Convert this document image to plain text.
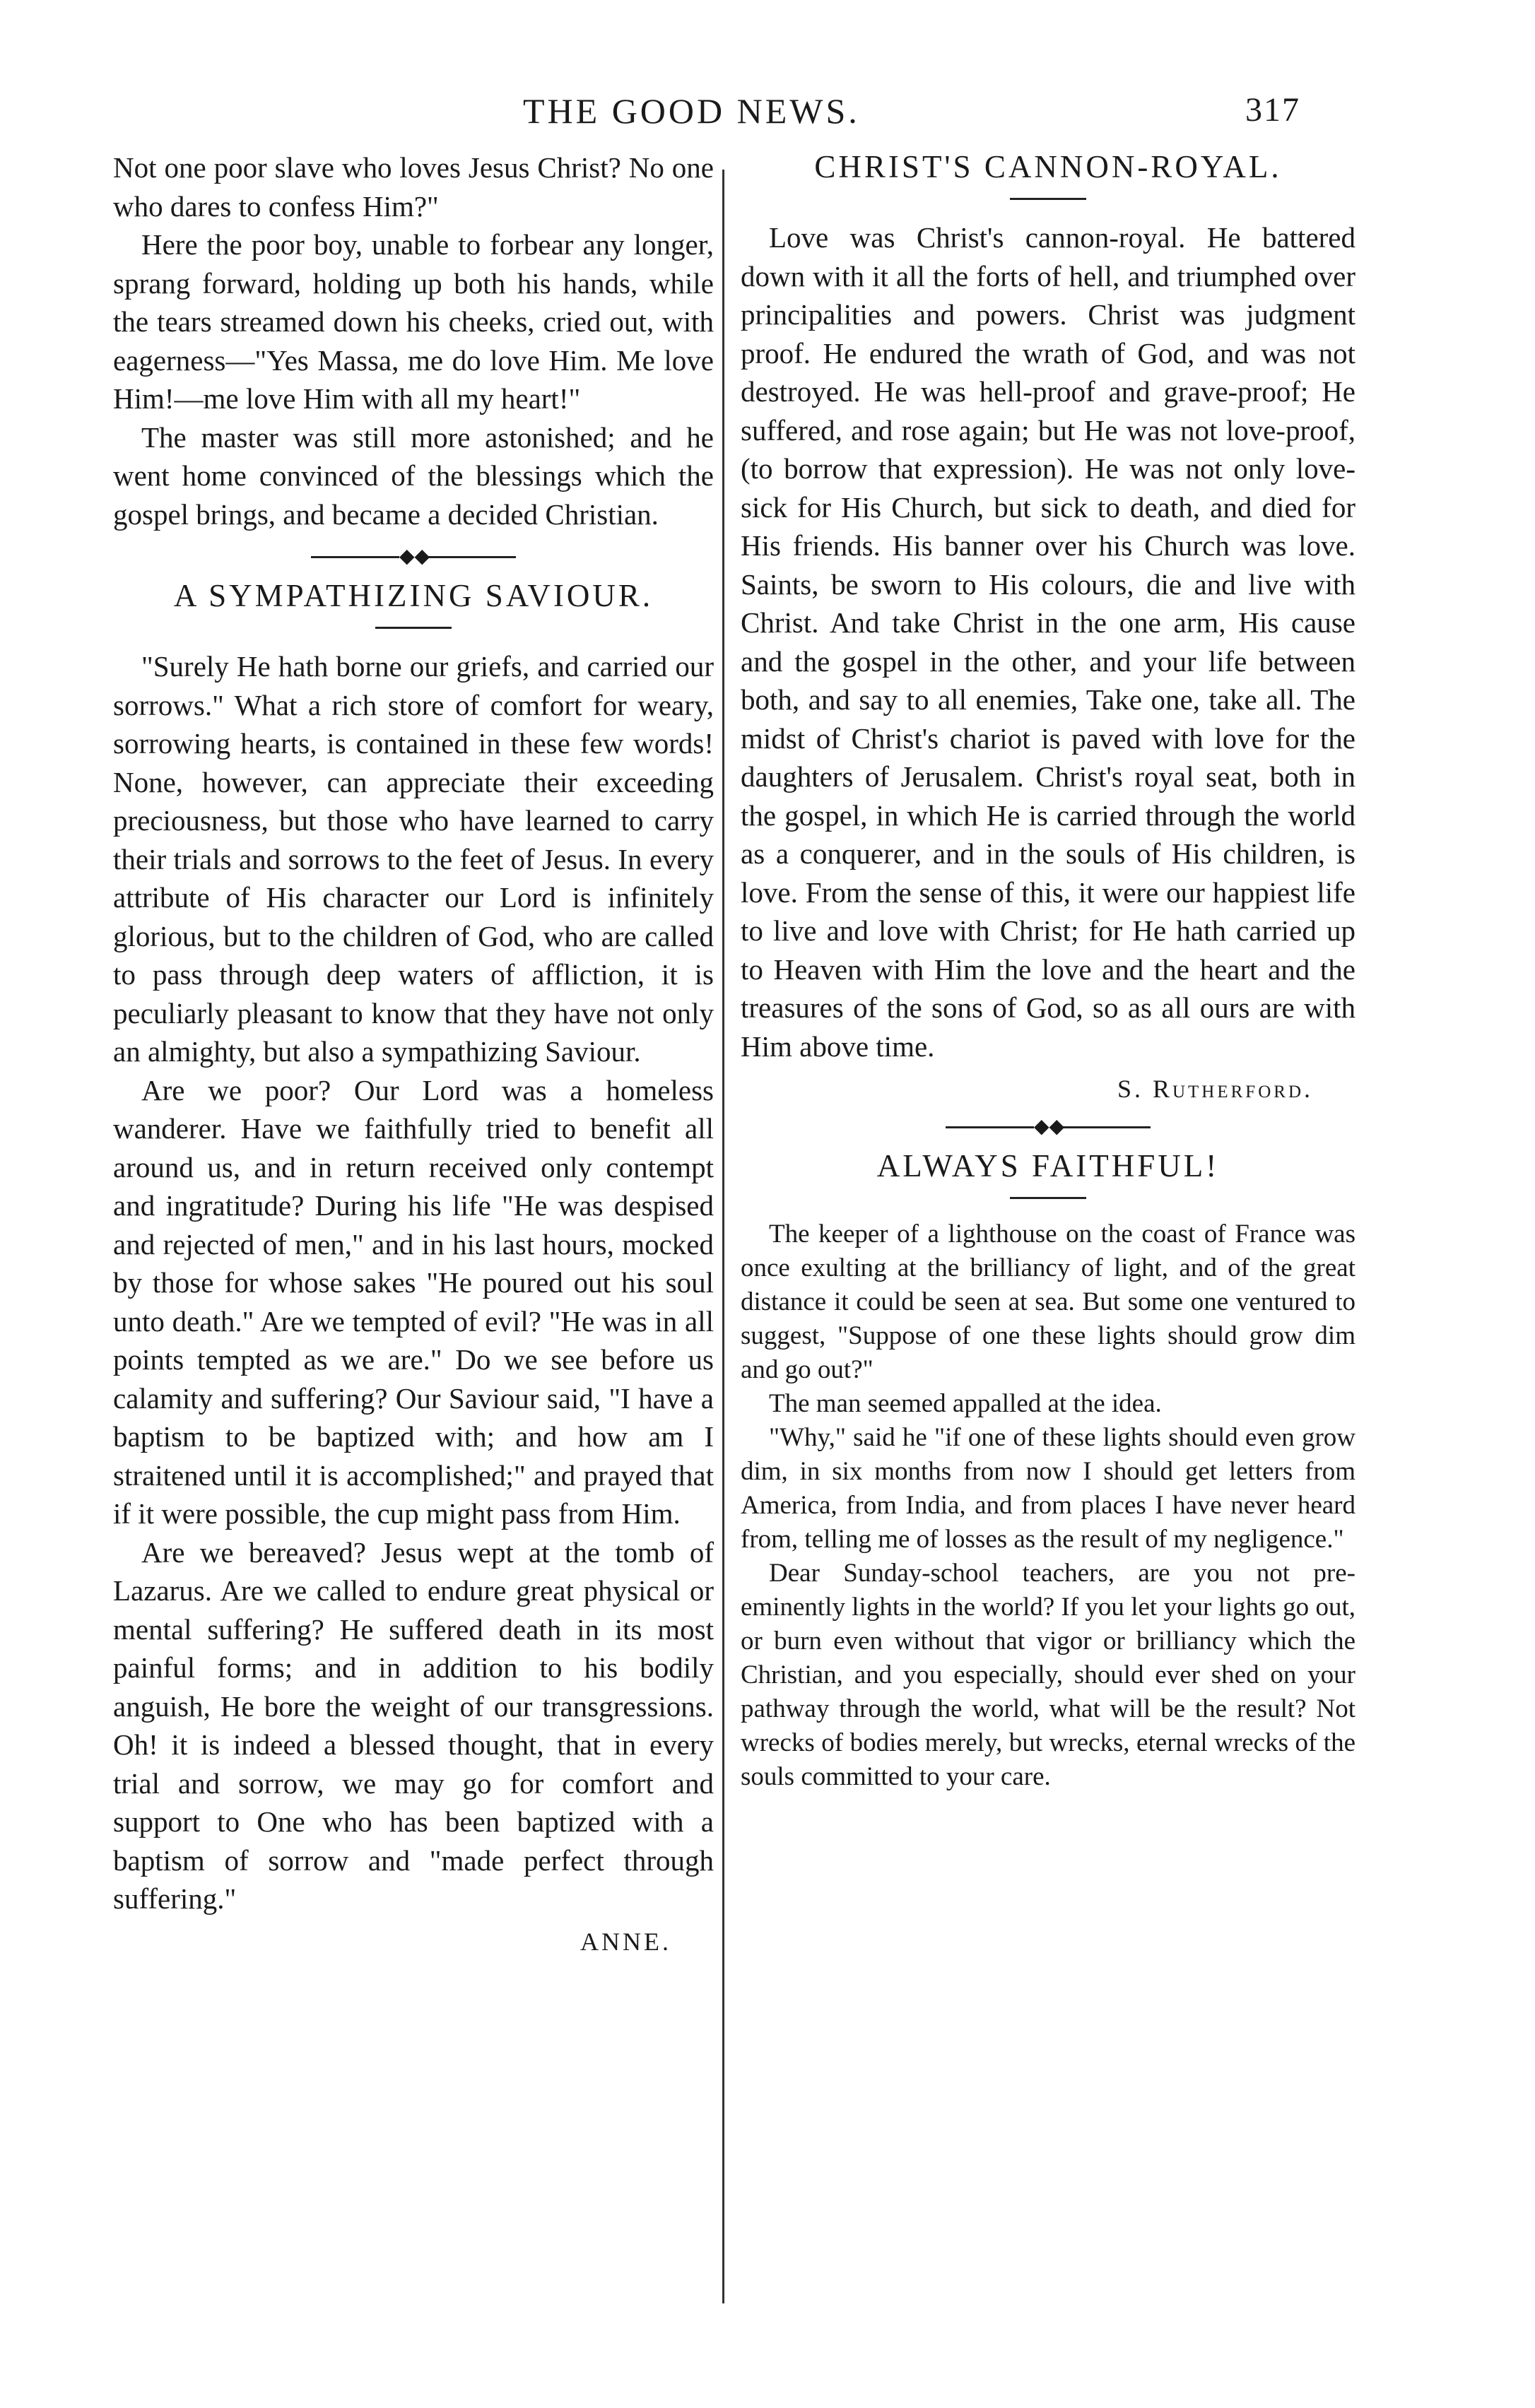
THE GOOD NEWS.	317

Not one poor slave who loves Jesus Christ? No one who dares to confess Him?"

Here the poor boy, unable to forbear any longer, sprang forward, holding up both his hands, while the tears streamed down his cheeks, cried out, with eagerness—"Yes Massa, me do love Him. Me love Him!—me love Him with all my heart!"

The master was still more astonished; and he went home convinced of the blessings which the gospel brings, and became a decided Christian.

◆◆
A SYMPATHIZING SAVIOUR.

"Surely He hath borne our griefs, and carried our sorrows." What a rich store of comfort for weary, sorrowing hearts, is contained in these few words! None, however, can appreciate their exceeding preciousness, but those who have learned to carry their trials and sorrows to the feet of Jesus. In every attribute of His character our Lord is infinitely glorious, but to the children of God, who are called to pass through deep waters of affliction, it is peculiarly pleasant to know that they have not only an almighty, but also a sympathizing Saviour.

Are we poor? Our Lord was a homeless wanderer. Have we faithfully tried to benefit all around us, and in return received only contempt and ingratitude? During his life "He was despised and rejected of men," and in his last hours, mocked by those for whose sakes "He poured out his soul unto death." Are we tempted of evil? "He was in all points tempted as we are." Do we see before us calamity and suffering? Our Saviour said, "I have a baptism to be baptized with; and how am I straitened until it is accomplished;" and prayed that if it were possible, the cup might pass from Him.

Are we bereaved? Jesus wept at the tomb of Lazarus. Are we called to endure great physical or mental suffering? He suffered death in its most painful forms; and in addition to his bodily anguish, He bore the weight of our transgressions. Oh! it is indeed a blessed thought, that in every trial and sorrow, we may go for comfort and support to One who has been baptized with a baptism of sorrow and "made perfect through suffering."

ANNE.
CHRIST'S CANNON-ROYAL.

Love was Christ's cannon-royal. He battered down with it all the forts of hell, and triumphed over principalities and powers. Christ was judgment proof. He endured the wrath of God, and was not destroyed. He was hell-proof and grave-proof; He suffered, and rose again; but He was not love-proof, (to borrow that expression). He was not only love-sick for His Church, but sick to death, and died for His friends. His banner over his Church was love. Saints, be sworn to His colours, die and live with Christ. And take Christ in the one arm, His cause and the gospel in the other, and your life between both, and say to all enemies, Take one, take all. The midst of Christ's chariot is paved with love for the daughters of Jerusalem. Christ's royal seat, both in the gospel, in which He is carried through the world as a conquerer, and in the souls of His children, is love. From the sense of this, it were our happiest life to live and love with Christ; for He hath carried up to Heaven with Him the love and the heart and the treasures of the sons of God, so as all ours are with Him above time.

S. Rutherford.
◆◆
ALWAYS FAITHFUL!

The keeper of a lighthouse on the coast of France was once exulting at the brilliancy of light, and of the great distance it could be seen at sea. But some one ventured to suggest, "Suppose of one these lights should grow dim and go out?"

The man seemed appalled at the idea.

"Why," said he "if one of these lights should even grow dim, in six months from now I should get letters from America, from India, and from places I have never heard from, telling me of losses as the result of my negligence."

Dear Sunday-school teachers, are you not pre-eminently lights in the world? If you let your lights go out, or burn even without that vigor or brilliancy which the Christian, and you especially, should ever shed on your pathway through the world, what will be the result? Not wrecks of bodies merely, but wrecks, eternal wrecks of the souls committed to your care.
